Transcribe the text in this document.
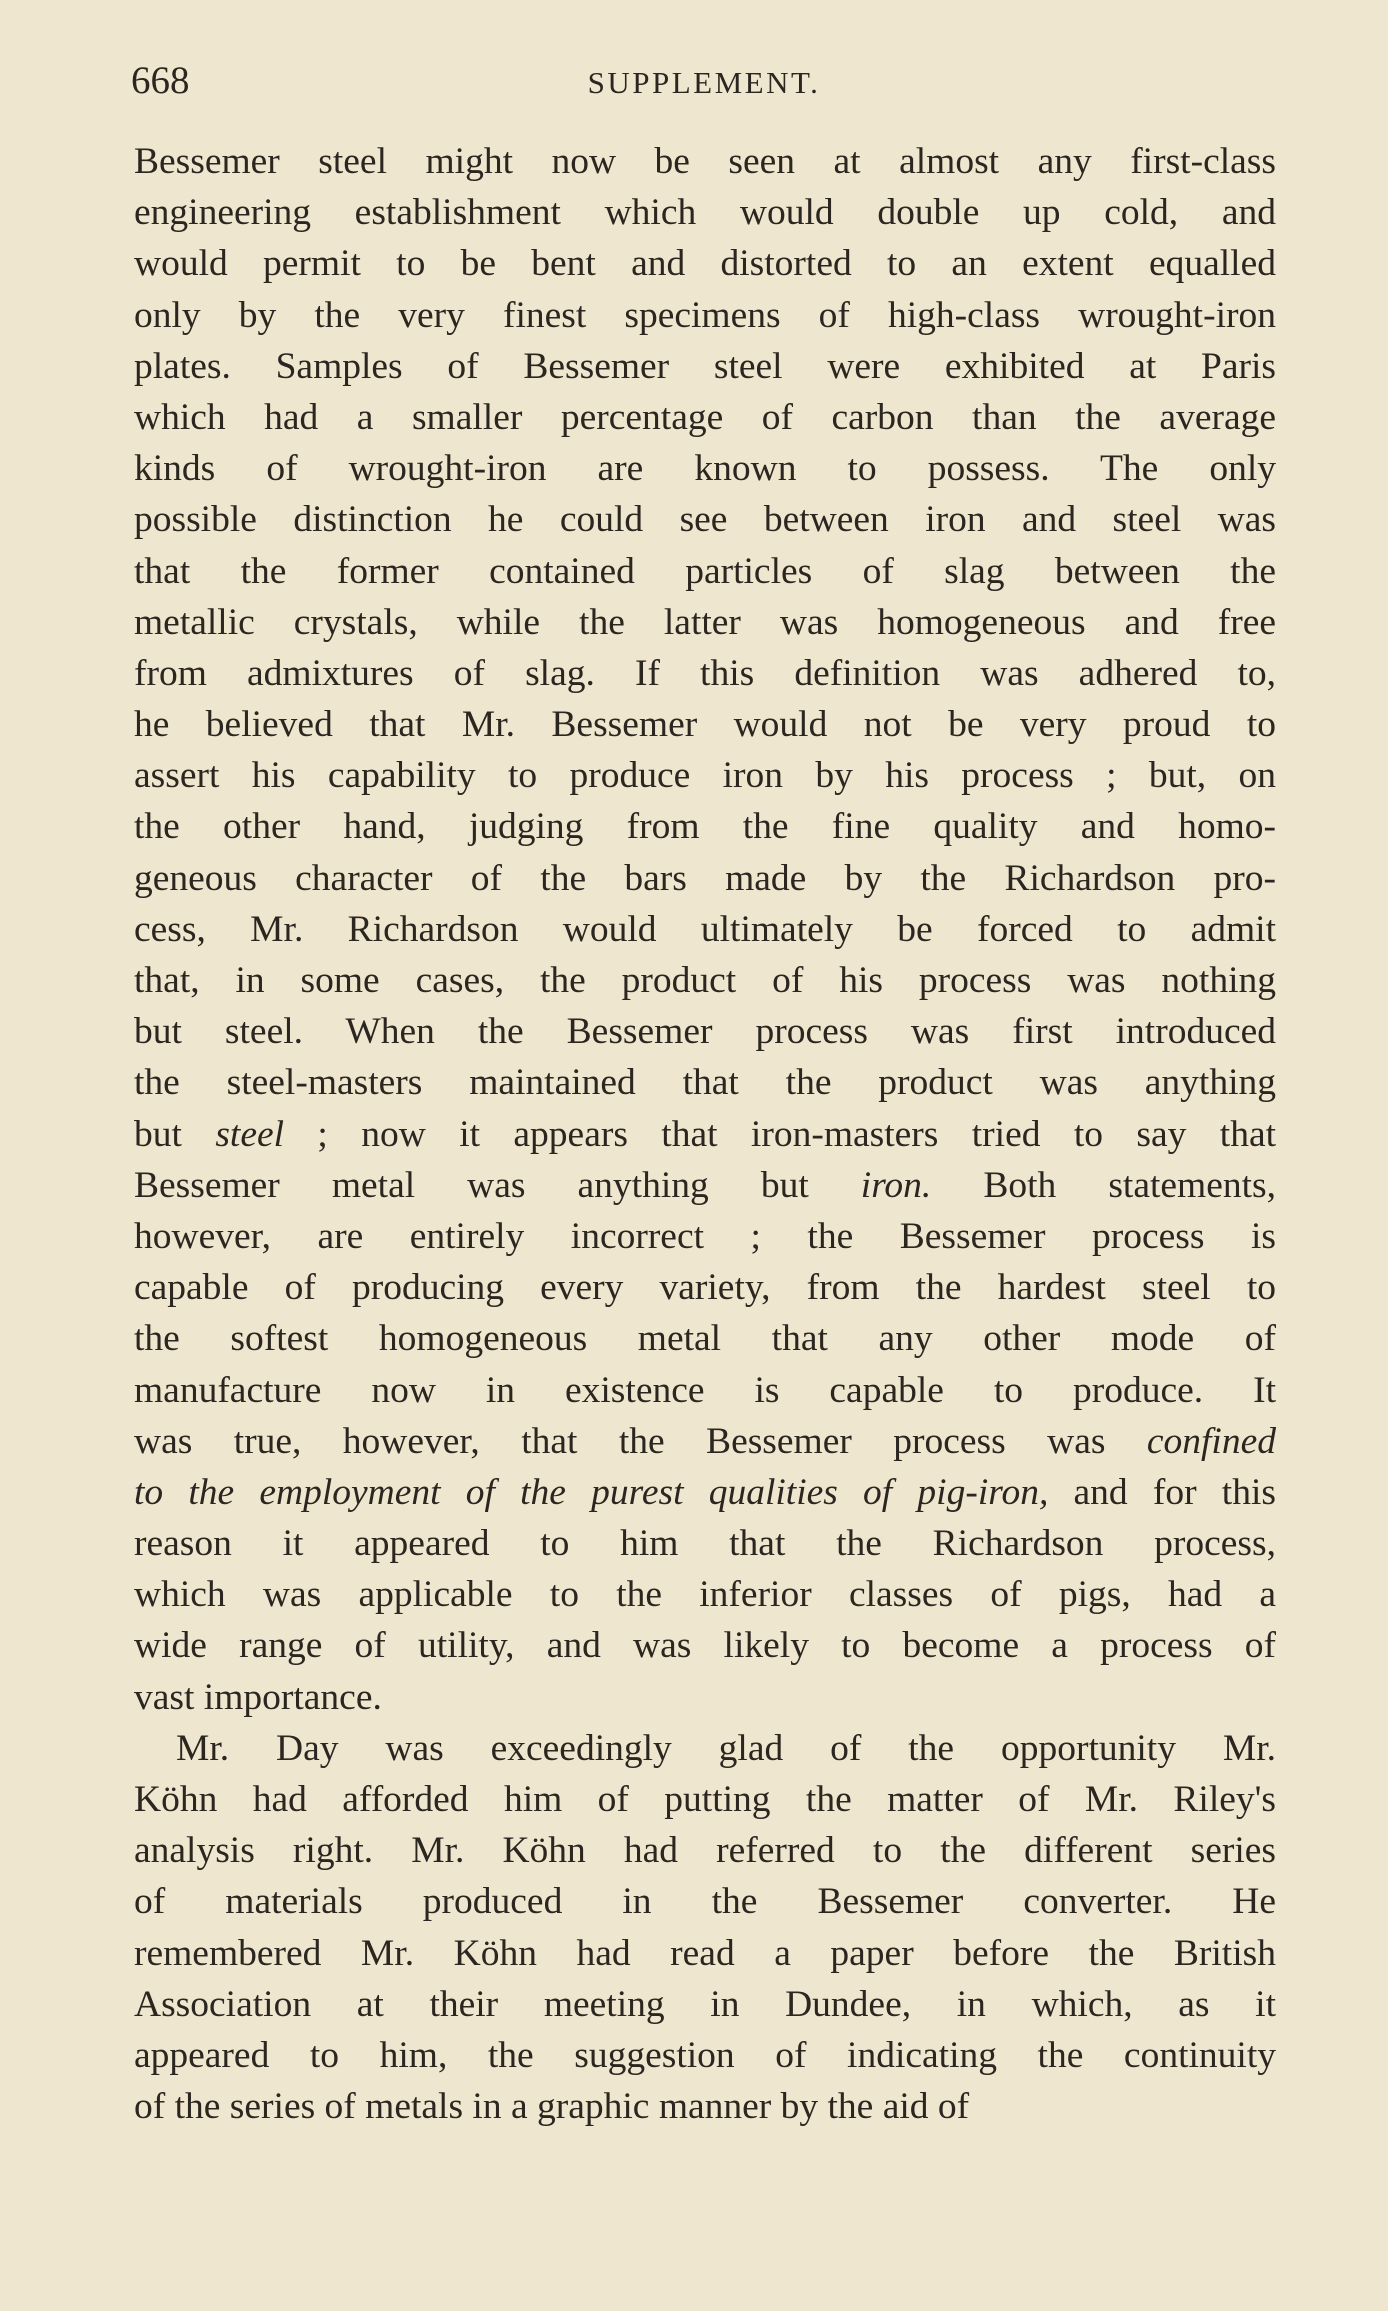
668	SUPPLEMENT.
Bessemer steel might now be seen at almost any first-class
engineering establishment which would double up cold, and
would permit to be bent and distorted to an extent equalled
only by the very finest specimens of high-class wrought-iron
plates. Samples of Bessemer steel were exhibited at Paris
which had a smaller percentage of carbon than the average
kinds of wrought-iron are known to possess. The only
possible distinction he could see between iron and steel was
that the former contained particles of slag between the
metallic crystals, while the latter was homogeneous and free
from admixtures of slag. If this definition was adhered to,
he believed that Mr. Bessemer would not be very proud to
assert his capability to produce iron by his process ; but, on
the other hand, judging from the fine quality and homo-
geneous character of the bars made by the Richardson pro-
cess, Mr. Richardson would ultimately be forced to admit
that, in some cases, the product of his process was nothing
but steel. When the Bessemer process was first introduced
the steel-masters maintained that the product was anything
but steel ; now it appears that iron-masters tried to say that
Bessemer metal was anything but iron. Both statements,
however, are entirely incorrect ; the Bessemer process is
capable of producing every variety, from the hardest steel to
the softest homogeneous metal that any other mode of
manufacture now in existence is capable to produce. It
was true, however, that the Bessemer process was confined
to the employment of the purest qualities of pig-iron, and for this
reason it appeared to him that the Richardson process,
which was applicable to the inferior classes of pigs, had a
wide range of utility, and was likely to become a process of
vast importance.
Mr. Day was exceedingly glad of the opportunity Mr.
Köhn had afforded him of putting the matter of Mr. Riley's
analysis right. Mr. Köhn had referred to the different series
of materials produced in the Bessemer converter. He
remembered Mr. Köhn had read a paper before the British
Association at their meeting in Dundee, in which, as it
appeared to him, the suggestion of indicating the continuity
of the series of metals in a graphic manner by the aid of
